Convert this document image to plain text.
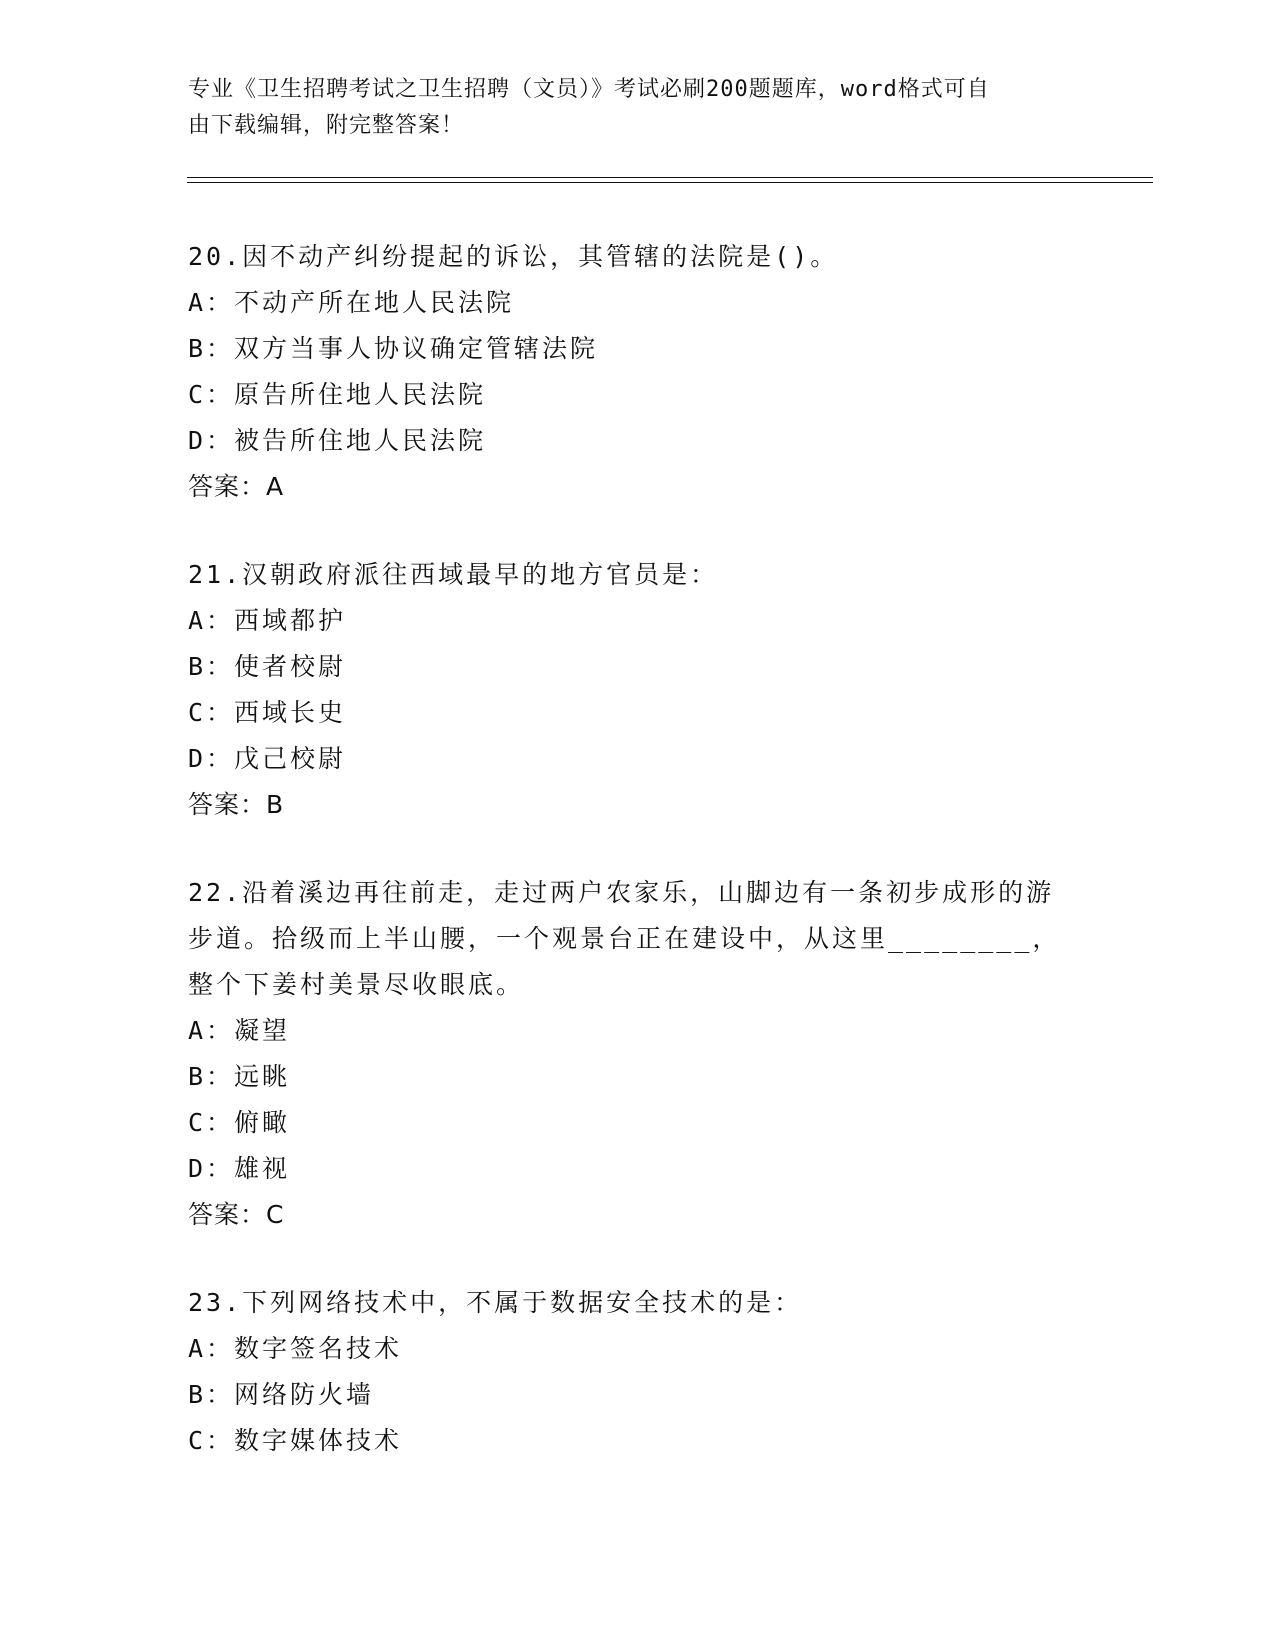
专业《卫生招聘考试之卫生招聘（文员）》考试必刷200题题库，word格式可自
由下载编辑，附完整答案！
20.因不动产纠纷提起的诉讼，其管辖的法院是()。
A：不动产所在地人民法院
B：双方当事人协议确定管辖法院
C：原告所住地人民法院
D：被告所住地人民法院
答案：A
21.汉朝政府派往西域最早的地方官员是：
A：西域都护
B：使者校尉
C：西域长史
D：戊己校尉
答案：B
22.沿着溪边再往前走，走过两户农家乐，山脚边有一条初步成形的游
步道。拾级而上半山腰，一个观景台正在建设中，从这里________，
整个下姜村美景尽收眼底。
A：凝望
B：远眺
C：俯瞰
D：雄视
答案：C
23.下列网络技术中，不属于数据安全技术的是：
A：数字签名技术
B：网络防火墙
C：数字媒体技术
